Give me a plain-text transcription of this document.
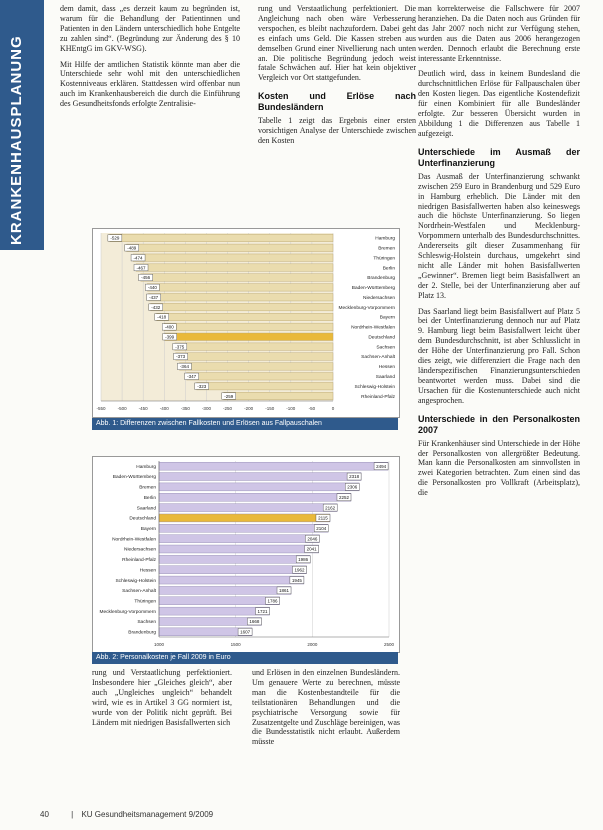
KRANKENHAUSPLANUNG

dem damit, dass „es derzeit kaum zu begründen ist, warum für die Behandlung der Patientinnen und Patienten in den Ländern unterschiedlich hohe Entgelte zu zahlen sind“. (Begründung zur Änderung des § 10 KHEntgG im GKV-WSG).

Mit Hilfe der amtlichen Statistik könnte man aber die Unterschiede sehr wohl mit den unterschiedlichen Kostenniveaus erklären. Stattdessen wird offenbar nun auch im Krankenhausbereich die durch die Einführung des Gesundheitsfonds erfolgte Zentralisie-

rung und Verstaatlichung perfektioniert. Die Angleichung nach oben wäre Verbesserung verspochen, es bleibt nachzufordern. Dabei geht es einfach ums Geld. Die Kassen streben aus demselben Grund einer Nivellierung nach unten an. Die politische Begründung jedoch weist fatale Schwächen auf. Hier hat kein objektiver Vergleich vor Ort stattgefunden.

Kosten und Erlöse nach Bundesländern

Tabelle 1 zeigt das Ergebnis einer ersten vorsichtigen Analyse der Unterschiede zwischen den Kosten

man korrekterweise die Fallschwere für 2007 heranziehen. Da die Daten noch aus Gründen für das Jahr 2007 noch nicht zur Verfügung stehen, wurden aus die Daten aus 2006 herangezogen werden. Dennoch erlaubt die Berechnung erste interessante Erkenntnisse.

Deutlich wird, dass in keinem Bundesland die durchschnittlichen Erlöse für Fallpauschalen über den Kosten liegen. Das eigentliche Kostendefizit für einen Kombiniert für alle Bundesländer erfolgte. Zur besseren Übersicht wurden in Abbildung 1 die Differenzen aus Tabelle 1 aufgezeigt.

Unterschiede im Ausmaß der Unterfinanzierung

Das Ausmaß der Unterfinanzierung schwankt zwischen 259 Euro in Brandenburg und 529 Euro in Hamburg erheblich. Die Länder mit den niedrigen Basisfallwerten haben also keineswegs auch die höchste Unterfinanzierung. So liegen Nordrhein-Westfalen und Mecklenburg-Vorpommern unterhalb des Bundesdurchschnittes. Andererseits gilt dieser Zusammenhang für Schleswig-Holstein durchaus, umgekehrt sind nicht alle Länder mit hohen Basisfallwerten „Gewinner“. Bremen liegt beim Basisfallwert an der 2. Stelle, bei der Unterfinanzierung aber auf Platz 13.

Das Saarland liegt beim Basisfallwert auf Platz 5 bei der Unterfinanzierung dennoch nur auf Platz 9. Hamburg liegt beim Basisfallwert leicht über dem Bundesdurchschnitt, ist aber Schlusslicht in der Höhe der Unterfinanzierung pro Fall. Schon dies zeigt, wie differenziert die Frage nach den länderspezifischen Finanzierungsunterschieden beantwortet werden muss. Dabei sind die Ursachen für die Kostenunterschiede auch nicht angesprochen.

Unterschiede in den Personalkosten 2007

Für Krankenhäuser sind Unterschiede in der Höhe der Personalkosten von allergrößter Bedeutung. Man kann die Personalkosten am sinnvollsten in zwei Kategorien betrachten. Zum einen sind das die Personalkosten pro Vollkraft (Arbeitsplatz), die

-550	-500	-450	-400	-350	-300	-250	-200	-150	-100	-50	0
-529	Hamburg
-489	Bremen
-474	Thüringen
-467	Berlin
-456	Brandenburg
-440	Baden-Württemberg
-437	Niedersachsen
-432	Mecklenburg-Vorpommern
-418	Bayern
-400	Nordrhein-Westfalen
-399	Deutschland
-375	Sachsen
-373	Sachsen-Anhalt
-364	Hessen
-347	Saarland
-323	Schleswig-Holstein
-259	Rheinland-Pfalz
Abb. 1: Differenzen zwischen Fallkosten und Erlösen aus Fallpauschalen
1000	1500	2000	2500
2494
Hamburg
2318
Baden-Württemberg
2306
Bremen
2252
Berlin
2162
Saarland
2115
Deutschland
2104
Bayern
2046
Nordrhein-Westfalen
2041
Niedersachsen
1986
Rheinland-Pfalz
1962
Hessen
1945
Schleswig-Holstein
1861
Sachsen-Anhalt
1786
Thüringen
1721
Mecklenburg-Vorpommern
1668
Sachsen
1607
Brandenburg
Abb. 2: Personalkosten je Fall 2009 in Euro

rung und Verstaatlichung perfektioniert. Insbesondere hier „Gleiches gleich“, aber auch „Ungleiches ungleich“ behandelt wird, wie es in Artikel 3 GG normiert ist, wurde von der Politik nicht geprüft. Bei Ländern mit niedrigen Basisfallwerten sich

und Erlösen in den einzelnen Bundesländern. Um genauere Werte zu berechnen, müsste man die Kostenbestandteile für die teilstationären Behandlungen und die psychiatrische Versorgung sowie für Zusatzentgelte und Zuschläge bereinigen, was die Bundesstatistik nicht erlaubt. Außerdem müsste

40	| KU Gesundheitsmanagement 9/2009
